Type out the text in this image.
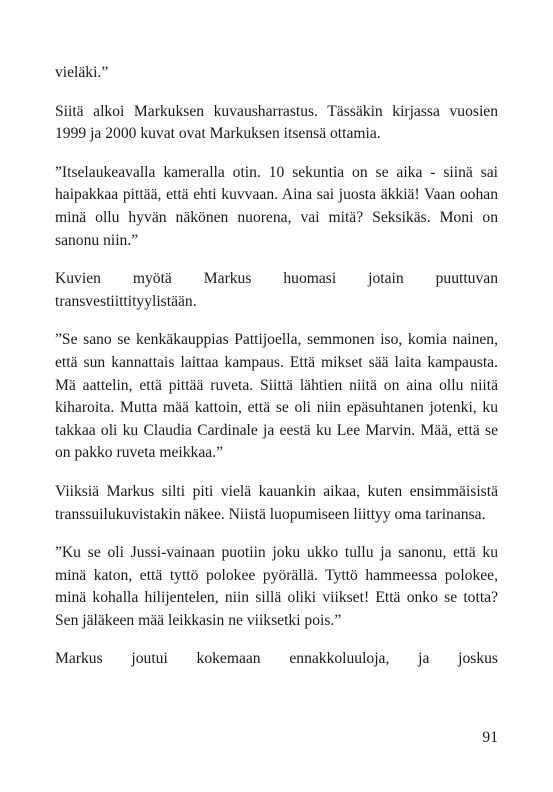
vieläki.”

Siitä alkoi Markuksen kuvausharrastus. Tässäkin kirjassa vuosien 1999 ja 2000 kuvat ovat Markuksen itsensä ottamia.

”Itselaukeavalla kameralla otin. 10 sekuntia on se aika - siinä sai haipakkaa pittää, että ehti kuvvaan. Aina sai juosta äkkiä! Vaan oohan minä ollu hyvän näkönen nuorena, vai mitä? Seksikäs. Moni on sanonu niin.”

Kuvien myötä Markus huomasi jotain puuttuvan transvestiittityylistään.

”Se sano se kenkäkauppias Pattijoella, semmonen iso, komia nainen, että sun kannattais laittaa kampaus. Että mikset sää laita kampausta. Mä aattelin, että pittää ruveta. Siittä lähtien niitä on aina ollu niitä kiharoita. Mutta mää kattoin, että se oli niin epäsuhtanen jotenki, ku takkaa oli ku Claudia Cardinale ja eestä ku Lee Marvin. Mää, että se on pakko ruveta meikkaa.”

Viiksiä Markus silti piti vielä kauankin aikaa, kuten ensimmäisistä transsuilukuvistakin näkee. Niistä luopumiseen liittyy oma tarinansa.

”Ku se oli Jussi-vainaan puotiin joku ukko tullu ja sanonu, että ku minä katon, että tyttö polokee pyörällä. Tyttö hammeessa polokee, minä kohalla hilijentelen, niin sillä oliki viikset! Että onko se totta? Sen jäläkeen mää leikkasin ne viiksetki pois.”

Markus joutui kokemaan ennakkoluuloja, ja joskus

91
